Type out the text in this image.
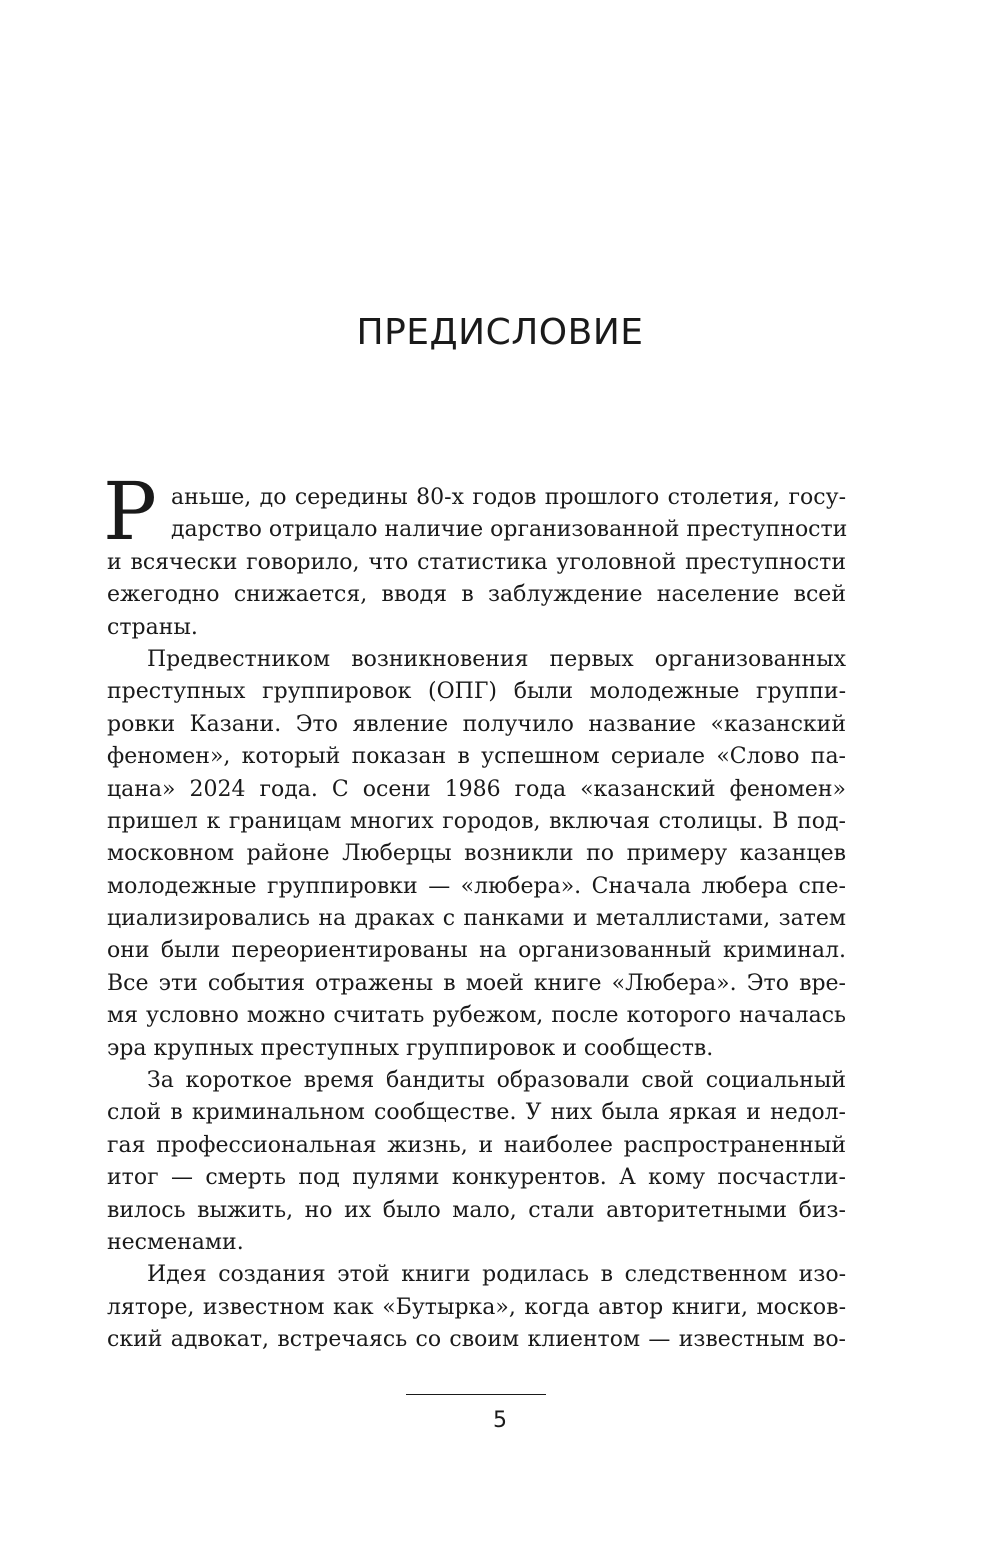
ПРЕДИСЛОВИЕ
Р аньше, до середины 80-х годов прошлого столетия, госу-
дарство отрицало наличие организованной преступности
и всячески говорило, что статистика уголовной преступности
ежегодно снижается, вводя в заблуждение население всей
страны.
Предвестником возникновения первых организованных
преступных группировок (ОПГ) были молодежные группи-
ровки Казани. Это явление получило название «казанский
феномен», который показан в успешном сериале «Слово па-
цана» 2024 года. С осени 1986 года «казанский феномен»
пришел к границам многих городов, включая столицы. В под-
московном районе Люберцы возникли по примеру казанцев
молодежные группировки — «любера». Сначала любера спе-
циализировались на драках с панками и металлистами, затем
они были переориентированы на организованный криминал.
Все эти события отражены в моей книге «Любера». Это вре-
мя условно можно считать рубежом, после которого началась
эра крупных преступных группировок и сообществ.
За короткое время бандиты образовали свой социальный
слой в криминальном сообществе. У них была яркая и недол-
гая профессиональная жизнь, и наиболее распространенный
итог — смерть под пулями конкурентов. А кому посчастли-
вилось выжить, но их было мало, стали авторитетными биз-
несменами.
Идея создания этой книги родилась в следственном изо-
ляторе, известном как «Бутырка», когда автор книги, москов-
ский адвокат, встречаясь со своим клиентом — известным во-
5
